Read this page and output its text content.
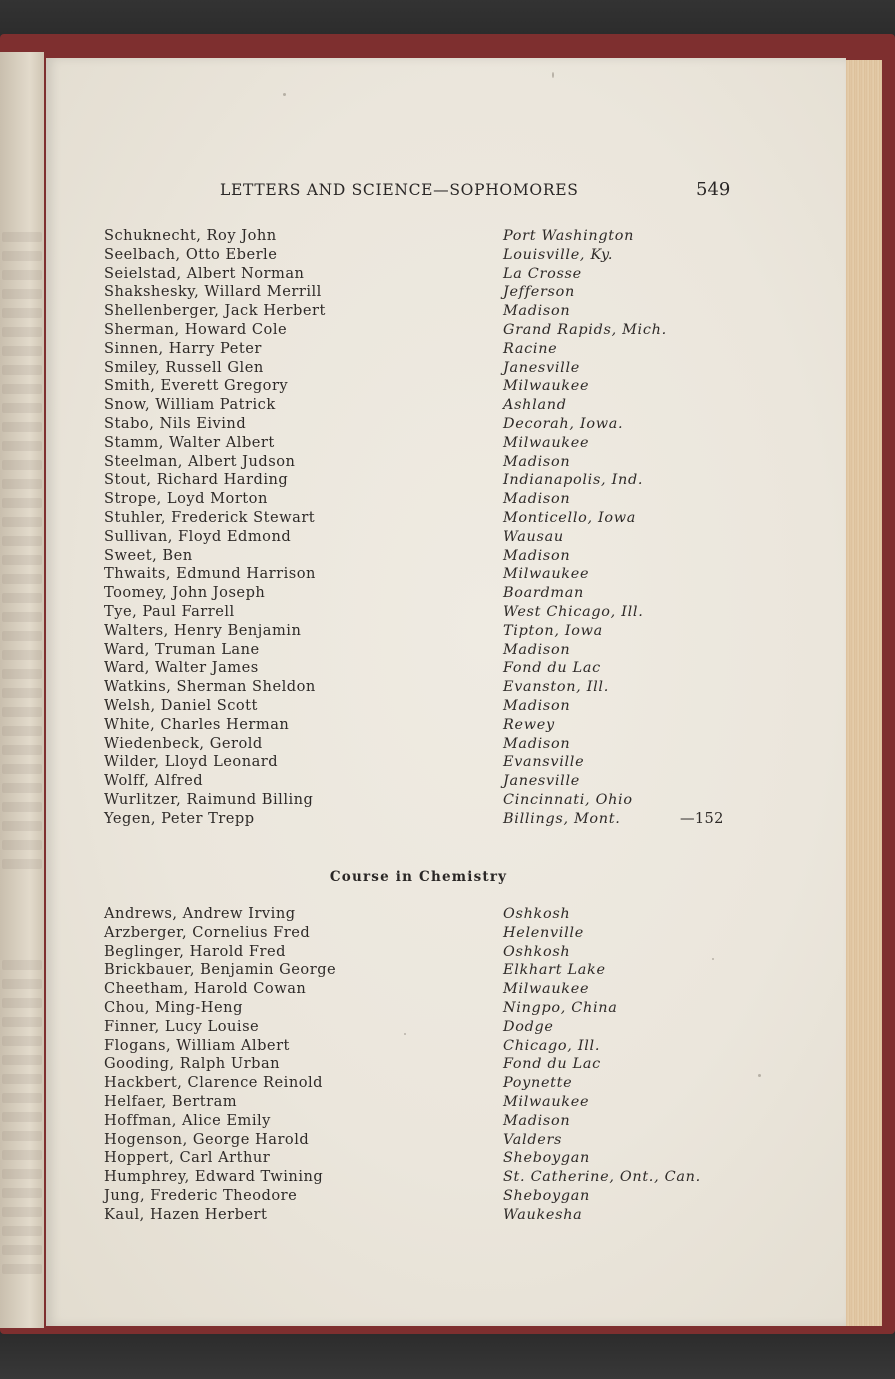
LETTERS AND SCIENCE—SOPHOMORES	549
Schuknecht, Roy John	Port Washington
Seelbach, Otto Eberle	Louisville, Ky.
Seielstad, Albert Norman	La Crosse
Shakshesky, Willard Merrill	Jefferson
Shellenberger, Jack Herbert	Madison
Sherman, Howard Cole	Grand Rapids, Mich.
Sinnen, Harry Peter	Racine
Smiley, Russell Glen	Janesville
Smith, Everett Gregory	Milwaukee
Snow, William Patrick	Ashland
Stabo, Nils Eivind	Decorah, Iowa.
Stamm, Walter Albert	Milwaukee
Steelman, Albert Judson	Madison
Stout, Richard Harding	Indianapolis, Ind.
Strope, Loyd Morton	Madison
Stuhler, Frederick Stewart	Monticello, Iowa
Sullivan, Floyd Edmond	Wausau
Sweet, Ben	Madison
Thwaits, Edmund Harrison	Milwaukee
Toomey, John Joseph	Boardman
Tye, Paul Farrell	West Chicago, Ill.
Walters, Henry Benjamin	Tipton, Iowa
Ward, Truman Lane	Madison
Ward, Walter James	Fond du Lac
Watkins, Sherman Sheldon	Evanston, Ill.
Welsh, Daniel Scott	Madison
White, Charles Herman	Rewey
Wiedenbeck, Gerold	Madison
Wilder, Lloyd Leonard	Evansville
Wolff, Alfred	Janesville
Wurlitzer, Raimund Billing	Cincinnati, Ohio
Yegen, Peter Trepp	Billings, Mont.	—152
Course in Chemistry
Andrews, Andrew Irving	Oshkosh
Arzberger, Cornelius Fred	Helenville
Beglinger, Harold Fred	Oshkosh
Brickbauer, Benjamin George	Elkhart Lake
Cheetham, Harold Cowan	Milwaukee
Chou, Ming-Heng	Ningpo, China
Finner, Lucy Louise	Dodge
Flogans, William Albert	Chicago, Ill.
Gooding, Ralph Urban	Fond du Lac
Hackbert, Clarence Reinold	Poynette
Helfaer, Bertram	Milwaukee
Hoffman, Alice Emily	Madison
Hogenson, George Harold	Valders
Hoppert, Carl Arthur	Sheboygan
Humphrey, Edward Twining	St. Catherine, Ont., Can.
Jung, Frederic Theodore	Sheboygan
Kaul, Hazen Herbert	Waukesha
